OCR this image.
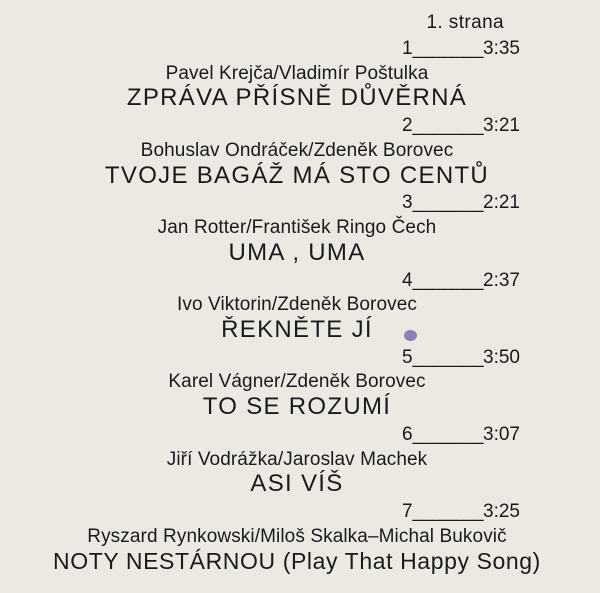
1. strana
1_______3:35
Pavel Krejča/Vladimír Poštulka
ZPRÁVA PŘÍSNĚ DŮVĚRNÁ
2_______3:21
Bohuslav Ondráček/Zdeněk Borovec
TVOJE BAGÁŽ MÁ STO CENTŮ
3_______2:21
Jan Rotter/František Ringo Čech
UMA , UMA
4_______2:37
Ivo Viktorin/Zdeněk Borovec
ŘEKNĚTE JÍ
5_______3:50
Karel Vágner/Zdeněk Borovec
TO SE ROZUMÍ
6_______3:07
Jiří Vodrážka/Jaroslav Machek
ASI VÍŠ
7_______3:25
Ryszard Rynkowski/Miloš Skalka–Michal Bukovič
NOTY NESTÁRNOU (Play That Happy Song)
